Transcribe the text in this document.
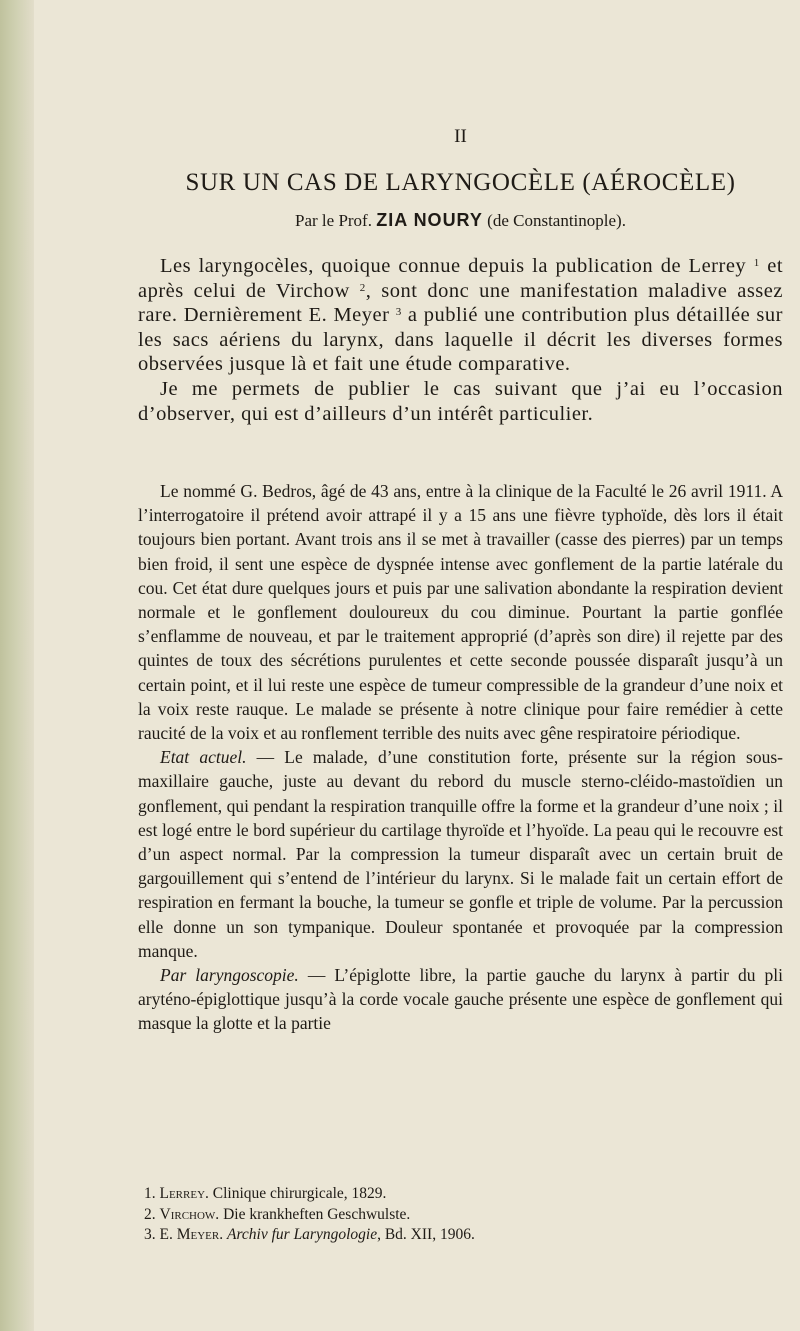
II
SUR UN CAS DE LARYNGOCÈLE (AÉROCÈLE)
Par le Prof. ZIA NOURY (de Constantinople).

Les laryngocèles, quoique connue depuis la publication de Lerrey $^1$ et après celui de Virchow $^2$, sont donc une manifestation maladive assez rare. Dernièrement E. Meyer $^3$ a publié une contribution plus détaillée sur les sacs aériens du larynx, dans laquelle il décrit les diverses formes observées jusque là et fait une étude comparative.

Je me permets de publier le cas suivant que j’ai eu l’occasion d’observer, qui est d’ailleurs d’un intérêt particulier.

Le nommé G. Bedros, âgé de 43 ans, entre à la clinique de la Faculté le 26 avril 1911. A l’interrogatoire il prétend avoir attrapé il y a 15 ans une fièvre typhoïde, dès lors il était toujours bien portant. Avant trois ans il se met à travailler (casse des pierres) par un temps bien froid, il sent une espèce de dyspnée intense avec gonflement de la partie latérale du cou. Cet état dure quelques jours et puis par une salivation abondante la respiration devient normale et le gonflement douloureux du cou diminue. Pourtant la partie gonflée s’enflamme de nouveau, et par le traitement approprié (d’après son dire) il rejette par des quintes de toux des sécrétions purulentes et cette seconde poussée disparaît jusqu’à un certain point, et il lui reste une espèce de tumeur compressible de la grandeur d’une noix et la voix reste rauque. Le malade se présente à notre clinique pour faire remédier à cette raucité de la voix et au ronflement terrible des nuits avec gêne respiratoire périodique.

Etat actuel. — Le malade, d’une constitution forte, présente sur la région sous-maxillaire gauche, juste au devant du rebord du muscle sterno-cléido-mastoïdien un gonflement, qui pendant la respiration tranquille offre la forme et la grandeur d’une noix ; il est logé entre le bord supérieur du cartilage thyroïde et l’hyoïde. La peau qui le recouvre est d’un aspect normal. Par la compression la tumeur disparaît avec un certain bruit de gargouillement qui s’entend de l’intérieur du larynx. Si le malade fait un certain effort de respiration en fermant la bouche, la tumeur se gonfle et triple de volume. Par la percussion elle donne un son tympanique. Douleur spontanée et provoquée par la compression manque.

Par laryngoscopie. — L’épiglotte libre, la partie gauche du larynx à partir du pli aryténo-épiglottique jusqu’à la corde vocale gauche présente une espèce de gonflement qui masque la glotte et la partie

1. Lerrey. Clinique chirurgicale, 1829.
2. Virchow. Die krankheften Geschwulste.
3. E. Meyer. Archiv fur Laryngologie, Bd. XII, 1906.
